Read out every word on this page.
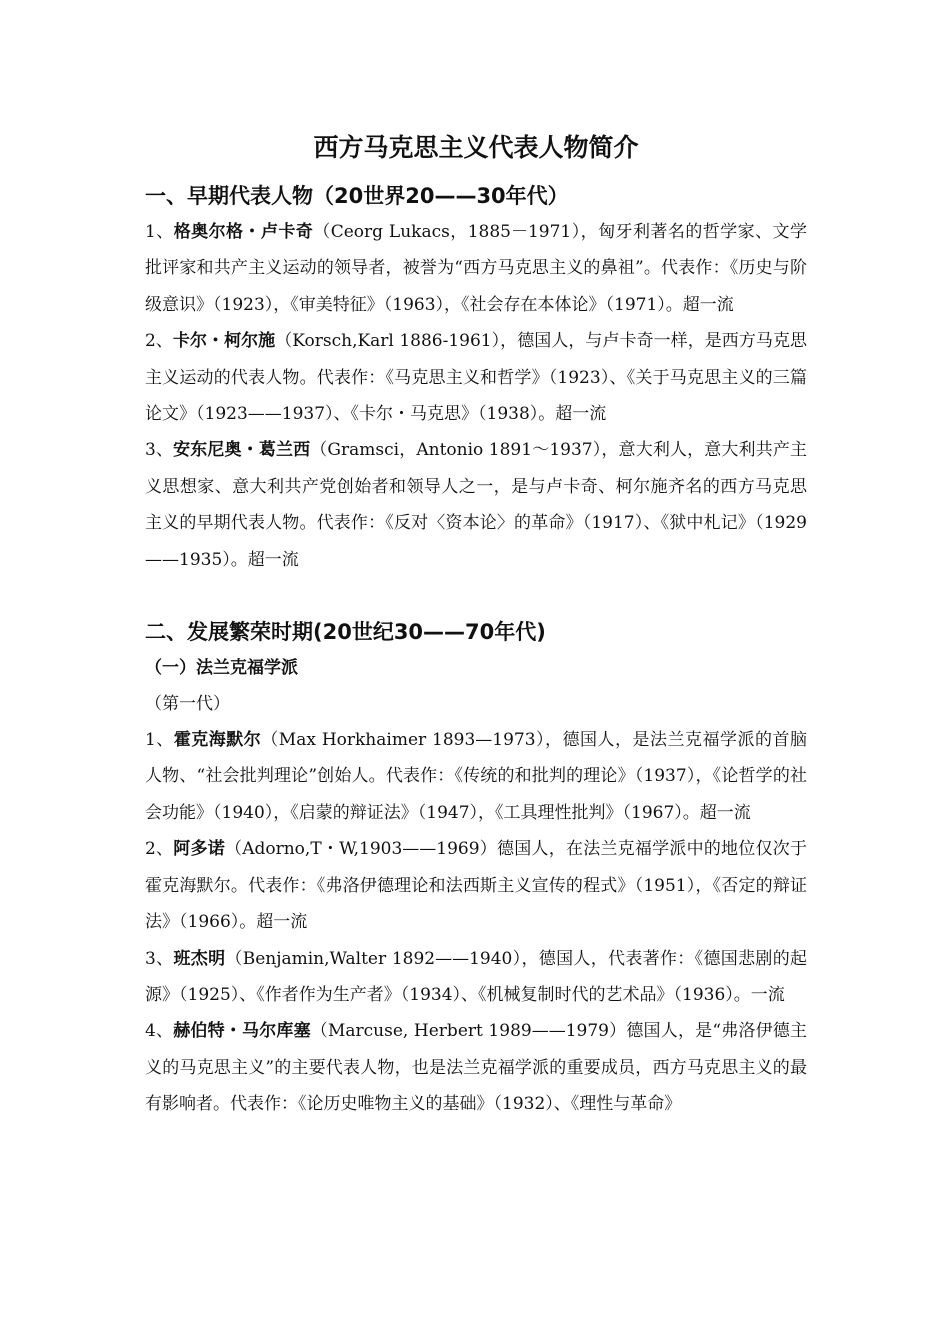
西方马克思主义代表人物简介
一、早期代表人物（20世界20——30年代）

1、格奥尔格・卢卡奇（Ceorg Lukacs，1885－1971），匈牙利著名的哲学家、文学批评家和共产主义运动的领导者，被誉为“西方马克思主义的鼻祖”。代表作：《历史与阶级意识》（1923），《审美特征》（1963），《社会存在本体论》（1971）。超一流

2、卡尔・柯尔施（Korsch,Karl 1886-1961），德国人，与卢卡奇一样，是西方马克思主义运动的代表人物。代表作：《马克思主义和哲学》（1923）、《关于马克思主义的三篇论文》（1923——1937）、《卡尔・马克思》（1938）。超一流

3、安东尼奥・葛兰西（Gramsci，Antonio 1891～1937），意大利人，意大利共产主义思想家、意大利共产党创始者和领导人之一，是与卢卡奇、柯尔施齐名的西方马克思主义的早期代表人物。代表作：《反对〈资本论〉的革命》（1917）、《狱中札记》（1929——1935）。超一流

二、发展繁荣时期(20世纪30——70年代)
（一）法兰克福学派

（第一代）

1、霍克海默尔（Max Horkhaimer 1893—1973），德国人，是法兰克福学派的首脑人物、“社会批判理论”创始人。代表作：《传统的和批判的理论》（1937），《论哲学的社会功能》（1940），《启蒙的辩证法》（1947），《工具理性批判》（1967）。超一流

2、阿多诺（Adorno,T・W,1903——1969）德国人，在法兰克福学派中的地位仅次于霍克海默尔。代表作：《弗洛伊德理论和法西斯主义宣传的程式》（1951），《否定的辩证法》（1966）。超一流

3、班杰明（Benjamin,Walter 1892——1940），德国人，代表著作：《德国悲剧的起源》（1925）、《作者作为生产者》（1934）、《机械复制时代的艺术品》（1936）。一流

4、赫伯特・马尔库塞（Marcuse, Herbert 1989——1979）德国人，是“弗洛伊德主义的马克思主义”的主要代表人物，也是法兰克福学派的重要成员，西方马克思主义的最有影响者。代表作：《论历史唯物主义的基础》（1932）、《理性与革命》
